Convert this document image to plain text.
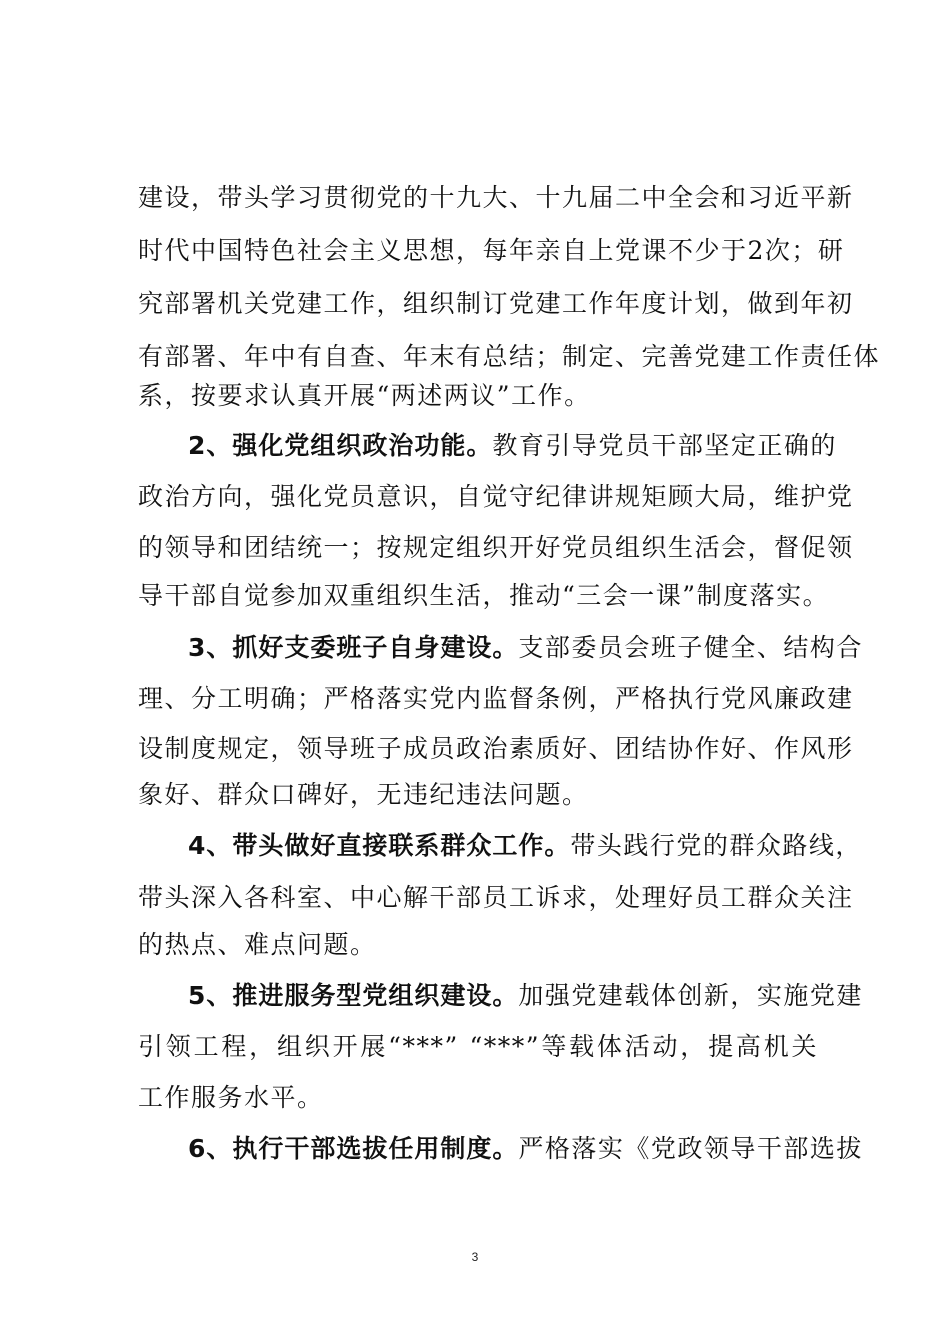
建设，带头学习贯彻党的十九大、十九届二中全会和习近平新
时代中国特色社会主义思想，每年亲自上党课不少于2次；研
究部署机关党建工作，组织制订党建工作年度计划，做到年初
有部署、年中有自查、年末有总结；制定、完善党建工作责任体
系，按要求认真开展“两述两议”工作。
2、强化党组织政治功能。教育引导党员干部坚定正确的
政治方向，强化党员意识，自觉守纪律讲规矩顾大局，维护党
的领导和团结统一；按规定组织开好党员组织生活会，督促领
导干部自觉参加双重组织生活，推动“三会一课”制度落实。
3、抓好支委班子自身建设。支部委员会班子健全、结构合
理、分工明确；严格落实党内监督条例，严格执行党风廉政建
设制度规定，领导班子成员政治素质好、团结协作好、作风形
象好、群众口碑好，无违纪违法问题。
4、带头做好直接联系群众工作。带头践行党的群众路线，
带头深入各科室、中心解干部员工诉求，处理好员工群众关注
的热点、难点问题。
5、推进服务型党组织建设。加强党建载体创新，实施党建
引领工程，组织开展“***” “***”等载体活动，提高机关
工作服务水平。
6、执行干部选拔任用制度。严格落实《党政领导干部选拔
3
